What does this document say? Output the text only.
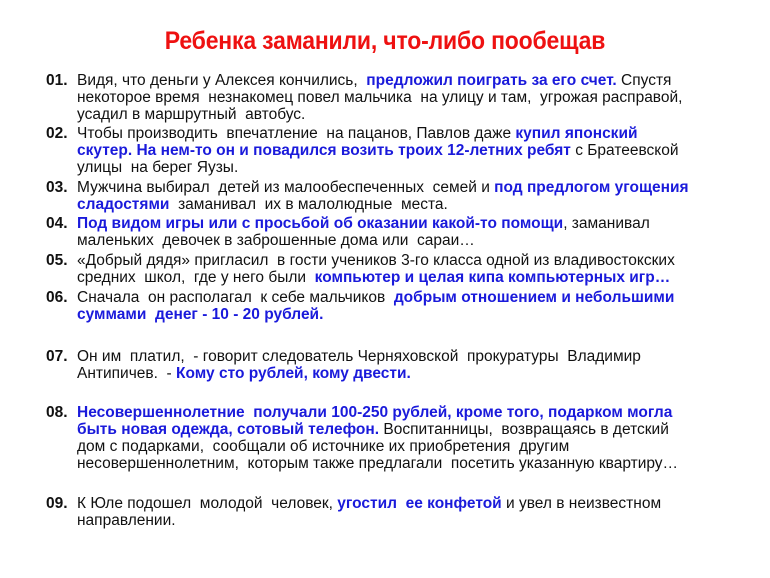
Ребенка заманили, что-либо пообещав
01. Видя, что деньги у Алексея кончились,  предложил поиграть за его счет. Спустя
некоторое время  незнакомец повел мальчика  на улицу и там,  угрожая расправой,
усадил в маршрутный  автобус.
02. Чтобы производить  впечатление  на пацанов, Павлов даже купил японский
скутер. На нем-то он и повадился возить троих 12-летних ребят с Братеевской
улицы  на берег Яузы.
03. Мужчина выбирал  детей из малообеспеченных  семей и под предлогом угощения
сладостями  заманивал  их в малолюдные  места.
04. Под видом игры или с просьбой об оказании какой-то помощи, заманивал
маленьких  девочек в заброшенные дома или  сараи…
05. «Добрый дядя» пригласил  в гости учеников 3-го класса одной из владивостокских
средних  школ,  где у него были  компьютер и целая кипа компьютерных игр…
06. Сначала  он располагал  к себе мальчиков  добрым отношением и небольшими
суммами  денег - 10 - 20 рублей.
07. Он им  платил,  - говорит следователь Черняховской  прокуратуры  Владимир
Антипичев.  - Кому сто рублей, кому двести.
08. Несовершеннолетние  получали 100-250 рублей, кроме того, подарком могла
быть новая одежда, сотовый телефон. Воспитанницы,  возвращаясь в детский
дом с подарками,  сообщали об источнике их приобретения  другим
несовершеннолетним,  которым также предлагали  посетить указанную квартиру…
09. К Юле подошел  молодой  человек, угостил  ее конфетой и увел в неизвестном
направлении.
